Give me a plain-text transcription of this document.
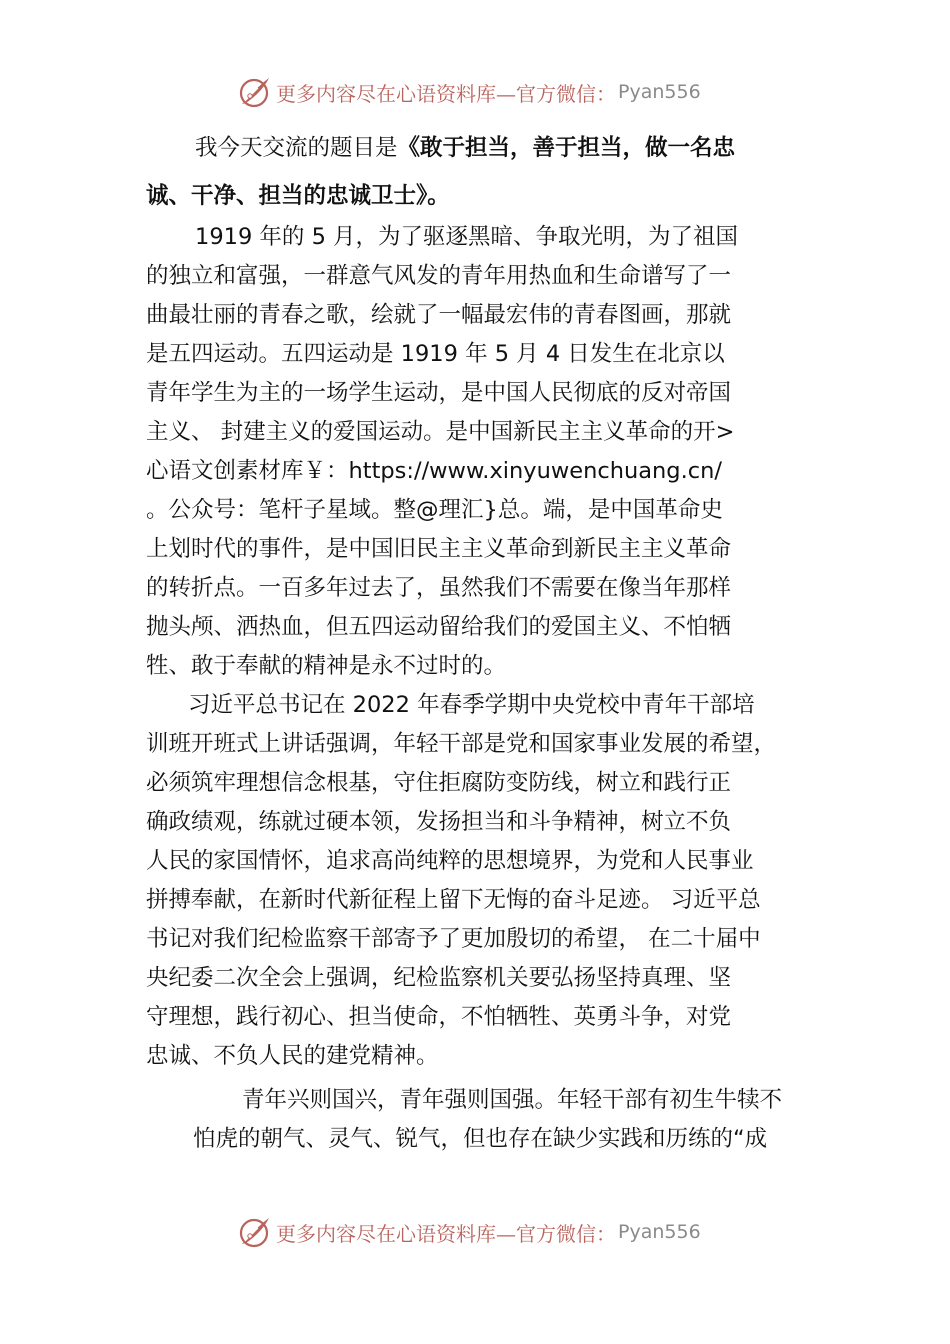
更多内容尽在心语资料库—官方微信： Pyan556
我今天交流的题目是《敢于担当，善于担当，做一名忠
诚、干净、担当的忠诚卫士》。
1919 年的 5 月，为了驱逐黑暗、争取光明，为了祖国
的独立和富强，一群意气风发的青年用热血和生命谱写了一
曲最壮丽的青春之歌，绘就了一幅最宏伟的青春图画，那就
是五四运动。五四运动是 1919 年 5 月 4 日发生在北京以
青年学生为主的一场学生运动，是中国人民彻底的反对帝国
主义、 封建主义的爱国运动。是中国新民主主义革命的开>
心语文创素材库￥：https://www.xinyuwenchuang.cn/
。公众号：笔杆子星域。整@理汇}总。端，是中国革命史
上划时代的事件，是中国旧民主主义革命到新民主主义革命
的转折点。一百多年过去了，虽然我们不需要在像当年那样
抛头颅、洒热血，但五四运动留给我们的爱国主义、不怕牺
牲、敢于奉献的精神是永不过时的。
习近平总书记在 2022 年春季学期中央党校中青年干部培
训班开班式上讲话强调，年轻干部是党和国家事业发展的希望，
必须筑牢理想信念根基，守住拒腐防变防线，树立和践行正
确政绩观，练就过硬本领，发扬担当和斗争精神，树立不负
人民的家国情怀，追求高尚纯粹的思想境界，为党和人民事业
拼搏奉献，在新时代新征程上留下无悔的奋斗足迹。 习近平总
书记对我们纪检监察干部寄予了更加殷切的希望， 在二十届中
央纪委二次全会上强调，纪检监察机关要弘扬坚持真理、坚
守理想，践行初心、担当使命，不怕牺牲、英勇斗争，对党
忠诚、不负人民的建党精神。
青年兴则国兴，青年强则国强。年轻干部有初生牛犊不
怕虎的朝气、灵气、锐气，但也存在缺少实践和历练的“成
更多内容尽在心语资料库—官方微信： Pyan556
